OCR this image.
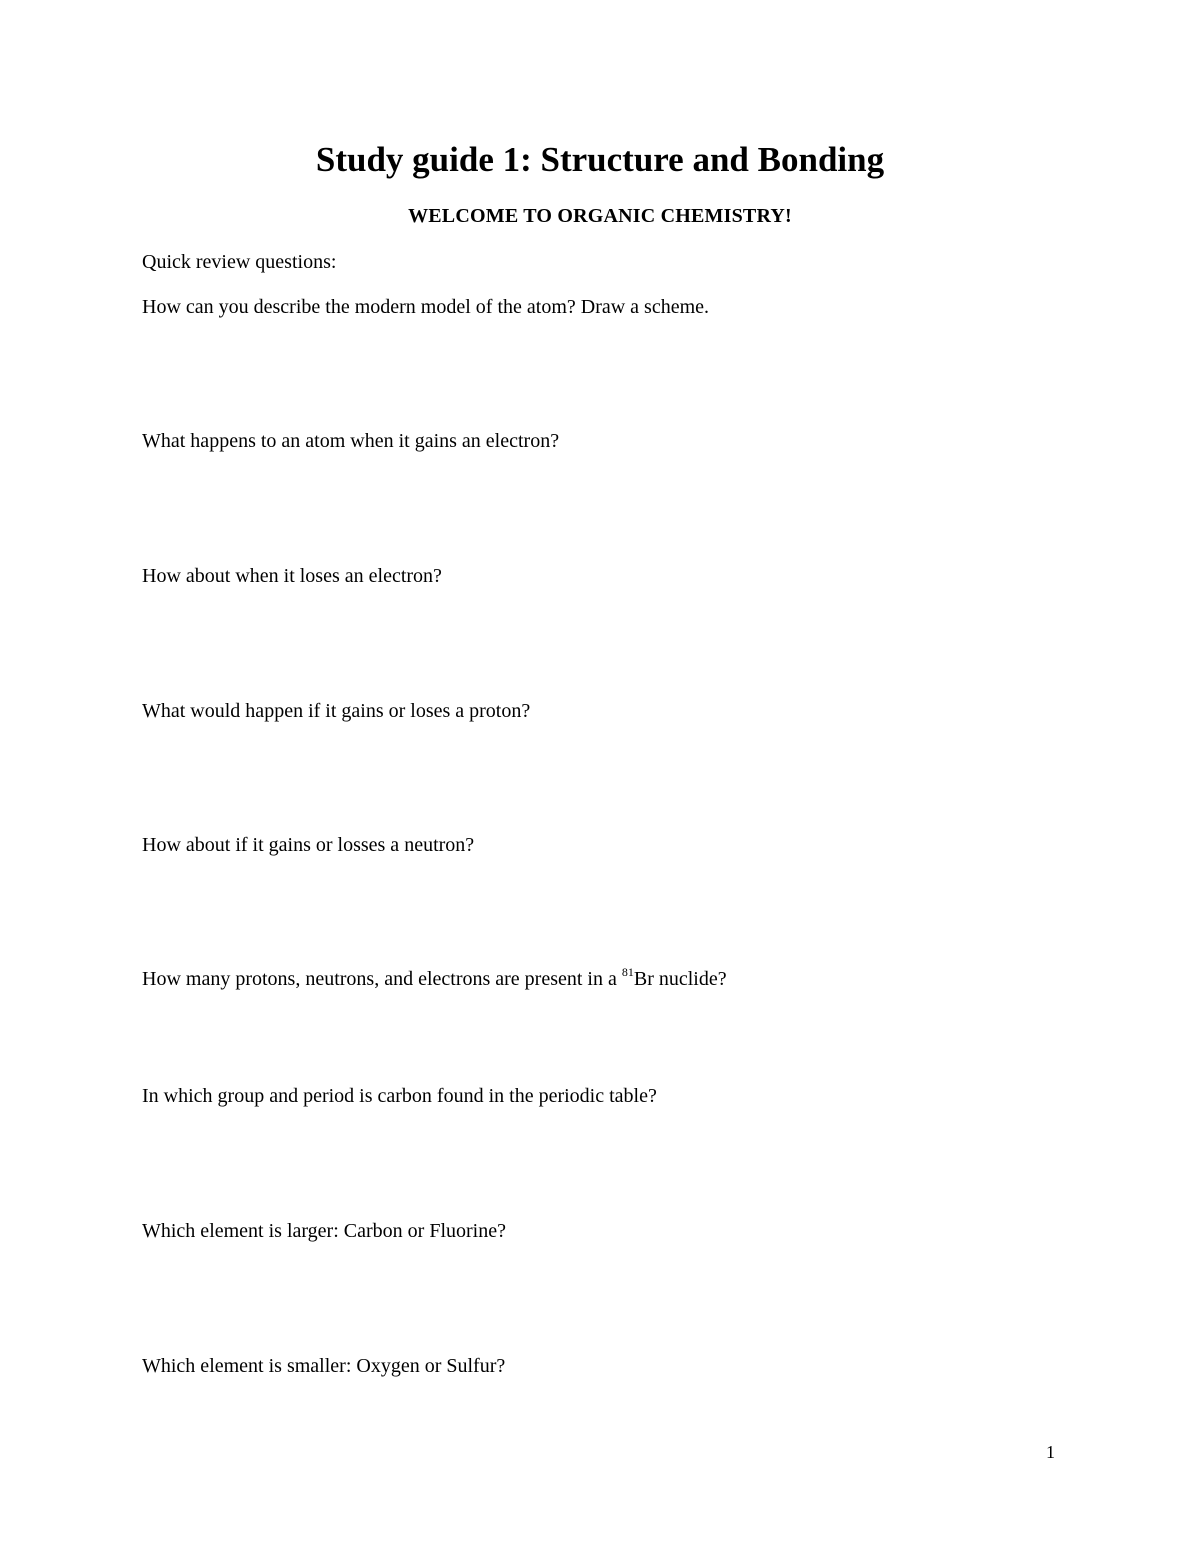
Study guide 1: Structure and Bonding

WELCOME TO ORGANIC CHEMISTRY!

Quick review questions:

How can you describe the modern model of the atom? Draw a scheme.

What happens to an atom when it gains an electron?

How about when it loses an electron?

What would happen if it gains or loses a proton?

How about if it gains or losses a neutron?

How many protons, neutrons, and electrons are present in a $^{81}$Br nuclide?

In which group and period is carbon found in the periodic table?

Which element is larger: Carbon or Fluorine?

Which element is smaller: Oxygen or Sulfur?

1
